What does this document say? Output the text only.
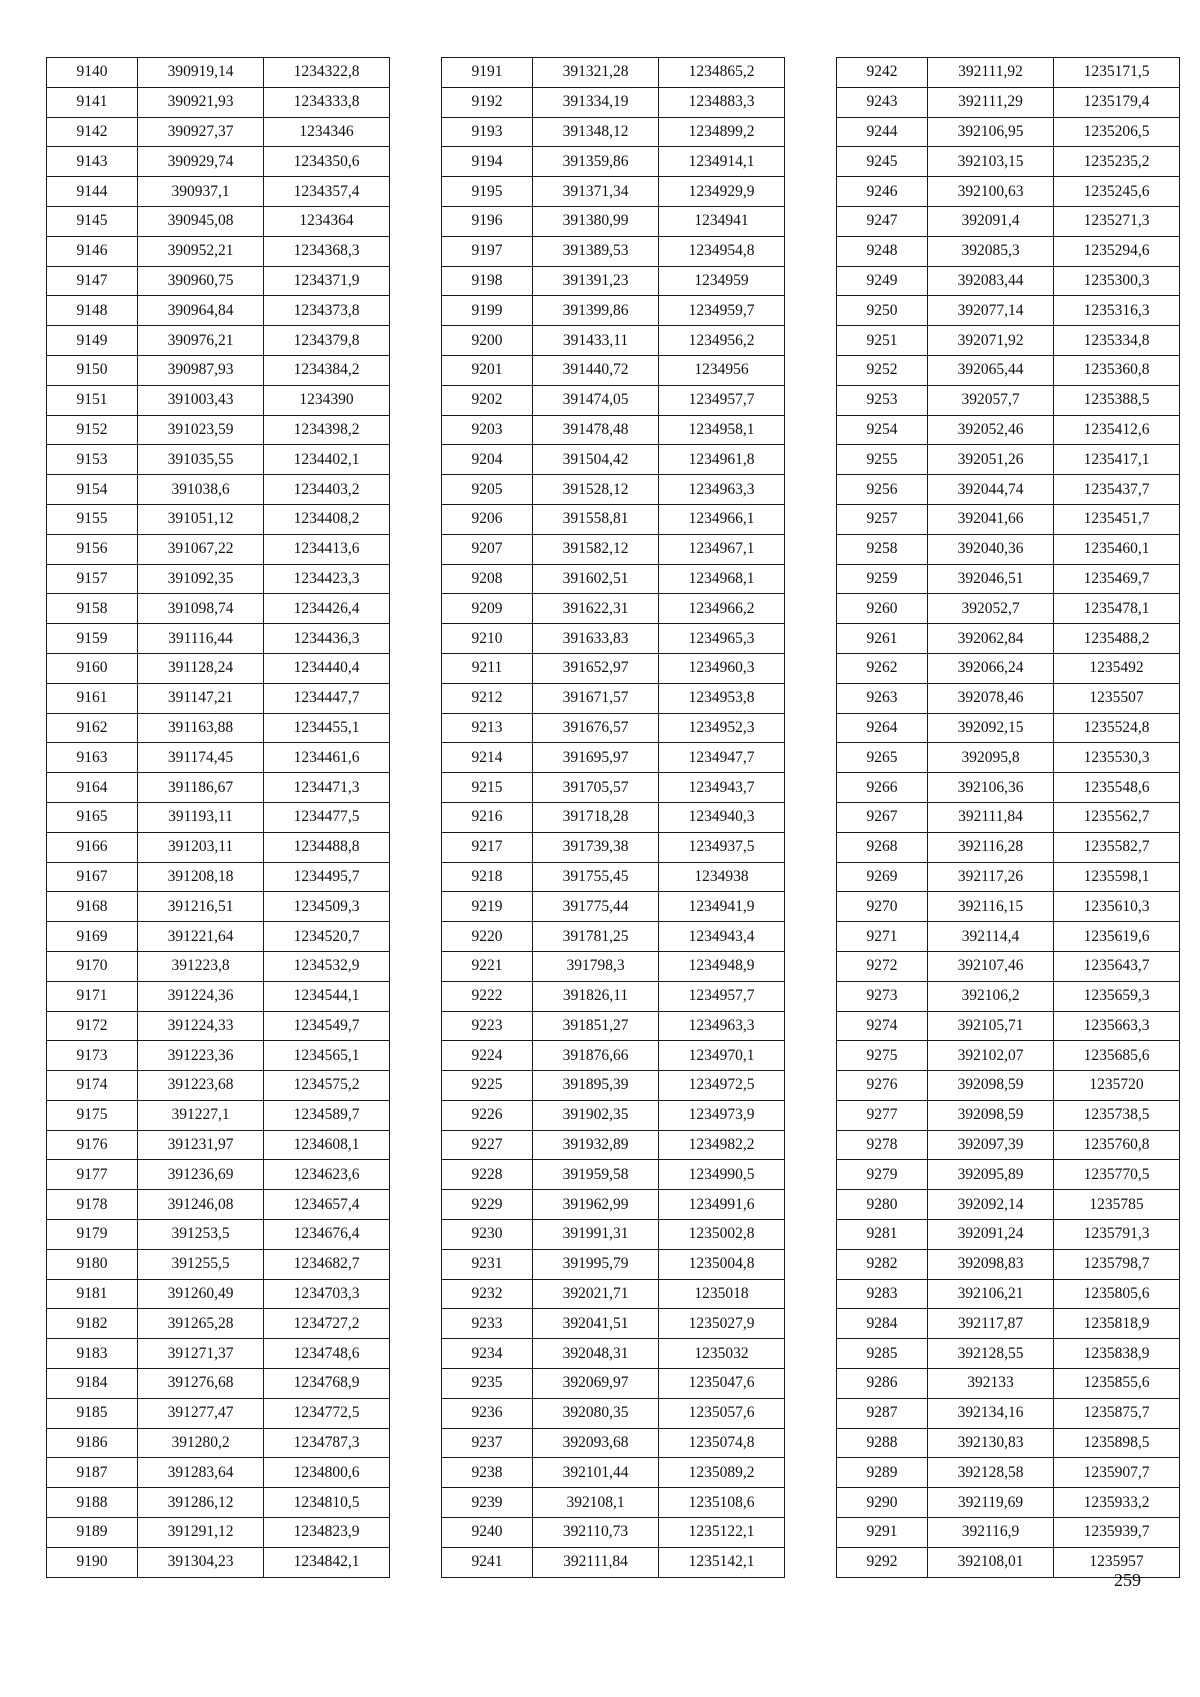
9140	390919,14	1234322,8
9141	390921,93	1234333,8
9142	390927,37	1234346
9143	390929,74	1234350,6
9144	390937,1	1234357,4
9145	390945,08	1234364
9146	390952,21	1234368,3
9147	390960,75	1234371,9
9148	390964,84	1234373,8
9149	390976,21	1234379,8
9150	390987,93	1234384,2
9151	391003,43	1234390
9152	391023,59	1234398,2
9153	391035,55	1234402,1
9154	391038,6	1234403,2
9155	391051,12	1234408,2
9156	391067,22	1234413,6
9157	391092,35	1234423,3
9158	391098,74	1234426,4
9159	391116,44	1234436,3
9160	391128,24	1234440,4
9161	391147,21	1234447,7
9162	391163,88	1234455,1
9163	391174,45	1234461,6
9164	391186,67	1234471,3
9165	391193,11	1234477,5
9166	391203,11	1234488,8
9167	391208,18	1234495,7
9168	391216,51	1234509,3
9169	391221,64	1234520,7
9170	391223,8	1234532,9
9171	391224,36	1234544,1
9172	391224,33	1234549,7
9173	391223,36	1234565,1
9174	391223,68	1234575,2
9175	391227,1	1234589,7
9176	391231,97	1234608,1
9177	391236,69	1234623,6
9178	391246,08	1234657,4
9179	391253,5	1234676,4
9180	391255,5	1234682,7
9181	391260,49	1234703,3
9182	391265,28	1234727,2
9183	391271,37	1234748,6
9184	391276,68	1234768,9
9185	391277,47	1234772,5
9186	391280,2	1234787,3
9187	391283,64	1234800,6
9188	391286,12	1234810,5
9189	391291,12	1234823,9
9190	391304,23	1234842,1
9191	391321,28	1234865,2
9192	391334,19	1234883,3
9193	391348,12	1234899,2
9194	391359,86	1234914,1
9195	391371,34	1234929,9
9196	391380,99	1234941
9197	391389,53	1234954,8
9198	391391,23	1234959
9199	391399,86	1234959,7
9200	391433,11	1234956,2
9201	391440,72	1234956
9202	391474,05	1234957,7
9203	391478,48	1234958,1
9204	391504,42	1234961,8
9205	391528,12	1234963,3
9206	391558,81	1234966,1
9207	391582,12	1234967,1
9208	391602,51	1234968,1
9209	391622,31	1234966,2
9210	391633,83	1234965,3
9211	391652,97	1234960,3
9212	391671,57	1234953,8
9213	391676,57	1234952,3
9214	391695,97	1234947,7
9215	391705,57	1234943,7
9216	391718,28	1234940,3
9217	391739,38	1234937,5
9218	391755,45	1234938
9219	391775,44	1234941,9
9220	391781,25	1234943,4
9221	391798,3	1234948,9
9222	391826,11	1234957,7
9223	391851,27	1234963,3
9224	391876,66	1234970,1
9225	391895,39	1234972,5
9226	391902,35	1234973,9
9227	391932,89	1234982,2
9228	391959,58	1234990,5
9229	391962,99	1234991,6
9230	391991,31	1235002,8
9231	391995,79	1235004,8
9232	392021,71	1235018
9233	392041,51	1235027,9
9234	392048,31	1235032
9235	392069,97	1235047,6
9236	392080,35	1235057,6
9237	392093,68	1235074,8
9238	392101,44	1235089,2
9239	392108,1	1235108,6
9240	392110,73	1235122,1
9241	392111,84	1235142,1
9242	392111,92	1235171,5
9243	392111,29	1235179,4
9244	392106,95	1235206,5
9245	392103,15	1235235,2
9246	392100,63	1235245,6
9247	392091,4	1235271,3
9248	392085,3	1235294,6
9249	392083,44	1235300,3
9250	392077,14	1235316,3
9251	392071,92	1235334,8
9252	392065,44	1235360,8
9253	392057,7	1235388,5
9254	392052,46	1235412,6
9255	392051,26	1235417,1
9256	392044,74	1235437,7
9257	392041,66	1235451,7
9258	392040,36	1235460,1
9259	392046,51	1235469,7
9260	392052,7	1235478,1
9261	392062,84	1235488,2
9262	392066,24	1235492
9263	392078,46	1235507
9264	392092,15	1235524,8
9265	392095,8	1235530,3
9266	392106,36	1235548,6
9267	392111,84	1235562,7
9268	392116,28	1235582,7
9269	392117,26	1235598,1
9270	392116,15	1235610,3
9271	392114,4	1235619,6
9272	392107,46	1235643,7
9273	392106,2	1235659,3
9274	392105,71	1235663,3
9275	392102,07	1235685,6
9276	392098,59	1235720
9277	392098,59	1235738,5
9278	392097,39	1235760,8
9279	392095,89	1235770,5
9280	392092,14	1235785
9281	392091,24	1235791,3
9282	392098,83	1235798,7
9283	392106,21	1235805,6
9284	392117,87	1235818,9
9285	392128,55	1235838,9
9286	392133	1235855,6
9287	392134,16	1235875,7
9288	392130,83	1235898,5
9289	392128,58	1235907,7
9290	392119,69	1235933,2
9291	392116,9	1235939,7
9292	392108,01	1235957
259
